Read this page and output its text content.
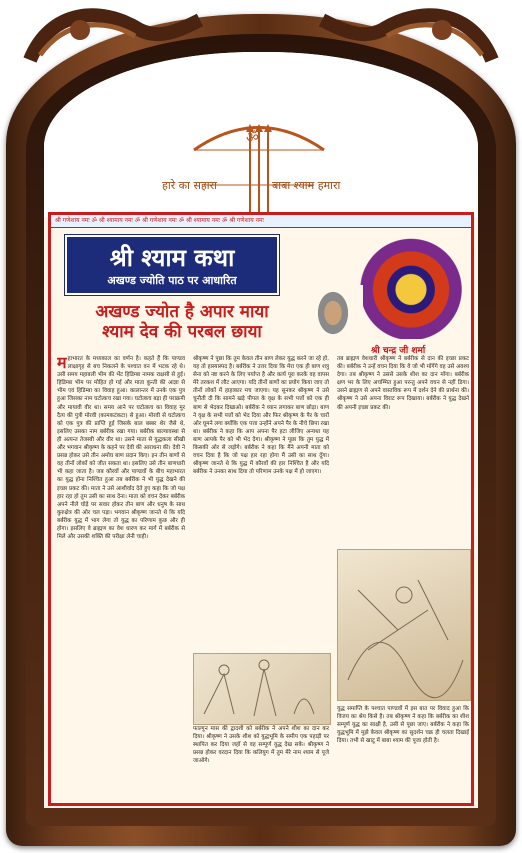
ॐ
हारे का सहारा	बाबा श्याम हमारा
श्री गणेशाय नमः ॐ श्री श्यामाय नमः ॐ श्री गणेशाय नमः ॐ श्री श्यामाय नमः ॐ श्री गणेशाय नमः
श्री श्याम कथा
अखण्ड ज्योति पाठ पर आधारित
अखण्ड ज्योत है अपार माया
श्याम देव की परबल छाया
श्री चन्द्र जी शर्मा
महाभारत के मध्यकाल का वर्णन है। कहते हैं कि पाण्डव लाक्षागृह से बच निकलने के पश्चात वन में भटक रहे थे। उसी समय महाबली भीम की भेंट हिडिम्बा नामक राक्षसी से हुई। हिडिम्बा भीम पर मोहित हो गई और माता कुन्ती की आज्ञा से भीम एवं हिडिम्बा का विवाह हुआ। कालान्तर में उनके एक पुत्र हुआ जिसका नाम घटोत्कच रखा गया। घटोत्कच बड़ा ही पराक्रमी और मायावी वीर था। समय आने पर घटोत्कच का विवाह मुर दैत्य की पुत्री मोरवी (कामकटंकटा) से हुआ। मोरवी से घटोत्कच को एक पुत्र की प्राप्ति हुई जिसके बाल बब्बर शेर जैसे थे, इसलिए उसका नाम बर्बरीक रखा गया। बर्बरीक बाल्यावस्था से ही अत्यन्त तेजस्वी और वीर था। उसने माता से युद्धकला सीखी और भगवान श्रीकृष्ण के कहने पर देवी की आराधना की। देवी ने प्रसन्न होकर उसे तीन अमोघ बाण प्रदान किए। इन तीन बाणों से वह तीनों लोकों को जीत सकता था। इसलिए उसे तीन बाणधारी भी कहा जाता है। जब कौरवों और पाण्डवों के बीच महाभारत का युद्ध होना निश्चित हुआ तब बर्बरीक ने भी युद्ध देखने की इच्छा प्रकट की। माता ने उसे आशीर्वाद देते हुए कहा कि जो पक्ष हार रहा हो तुम उसी का साथ देना। माता को वचन देकर बर्बरीक अपने नीले घोड़े पर सवार होकर तीन बाण और धनुष के साथ कुरुक्षेत्र की ओर चल पड़ा। भगवान श्रीकृष्ण जानते थे कि यदि बर्बरीक युद्ध में भाग लेगा तो युद्ध का परिणाम कुछ और ही होगा। इसलिए वे ब्राह्मण का वेश धारण कर मार्ग में बर्बरीक से मिले और उसकी शक्ति की परीक्षा लेनी चाही।
श्रीकृष्ण ने पूछा कि तुम केवल तीन बाण लेकर युद्ध करने जा रहे हो, यह तो हास्यास्पद है। बर्बरीक ने उत्तर दिया कि मेरा एक ही बाण शत्रु सेना को नष्ट करने के लिए पर्याप्त है और कार्य पूरा करके वह वापस मेरे तरकश में लौट आएगा। यदि तीनों बाणों का प्रयोग किया जाए तो तीनों लोकों में हाहाकार मच जाएगा। यह सुनकर श्रीकृष्ण ने उसे चुनौती दी कि सामने खड़े पीपल के वृक्ष के सभी पत्तों को एक ही बाण से भेदकर दिखाओ। बर्बरीक ने ध्यान लगाकर बाण छोड़ा। बाण ने वृक्ष के सभी पत्तों को भेद दिया और फिर श्रीकृष्ण के पैर के चारों ओर घूमने लगा क्योंकि एक पत्ता उन्होंने अपने पैर के नीचे छिपा रखा था। बर्बरीक ने कहा कि आप अपना पैर हटा लीजिए अन्यथा यह बाण आपके पैर को भी भेद देगा। श्रीकृष्ण ने पूछा कि तुम युद्ध में किसकी ओर से लड़ोगे। बर्बरीक ने कहा कि मैंने अपनी माता को वचन दिया है कि जो पक्ष हार रहा होगा मैं उसी का साथ दूँगा। श्रीकृष्ण जानते थे कि युद्ध में कौरवों की हार निश्चित है और यदि बर्बरीक ने उनका साथ दिया तो परिणाम उनके पक्ष में हो जाएगा।
तब ब्राह्मण वेशधारी श्रीकृष्ण ने बर्बरीक से दान की इच्छा प्रकट की। बर्बरीक ने उन्हें वचन दिया कि वे जो भी माँगेंगे वह उसे अवश्य देगा। तब श्रीकृष्ण ने उससे उसके शीश का दान माँगा। बर्बरीक क्षण भर के लिए अचम्भित हुआ परन्तु अपने वचन से नहीं डिगा। उसने ब्राह्मण से अपने वास्तविक रूप में दर्शन देने की प्रार्थना की। श्रीकृष्ण ने उसे अपना विराट रूप दिखाया। बर्बरीक ने युद्ध देखने की अपनी इच्छा प्रकट की।
फाल्गुन मास की द्वादशी को बर्बरीक ने अपने शीश का दान कर दिया। श्रीकृष्ण ने उसके शीश को युद्धभूमि के समीप एक पहाड़ी पर स्थापित कर दिया जहाँ से वह सम्पूर्ण युद्ध देख सके। श्रीकृष्ण ने प्रसन्न होकर वरदान दिया कि कलियुग में तुम मेरे नाम श्याम से पूजे जाओगे।
युद्ध समाप्ति के पश्चात पाण्डवों में इस बात पर विवाद हुआ कि विजय का श्रेय किसे है। तब श्रीकृष्ण ने कहा कि बर्बरीक का शीश सम्पूर्ण युद्ध का साक्षी है, उसी से पूछा जाए। बर्बरीक ने कहा कि युद्धभूमि में मुझे केवल श्रीकृष्ण का सुदर्शन चक्र ही चलता दिखाई दिया। तभी से खाटू में बाबा श्याम की पूजा होती है।
